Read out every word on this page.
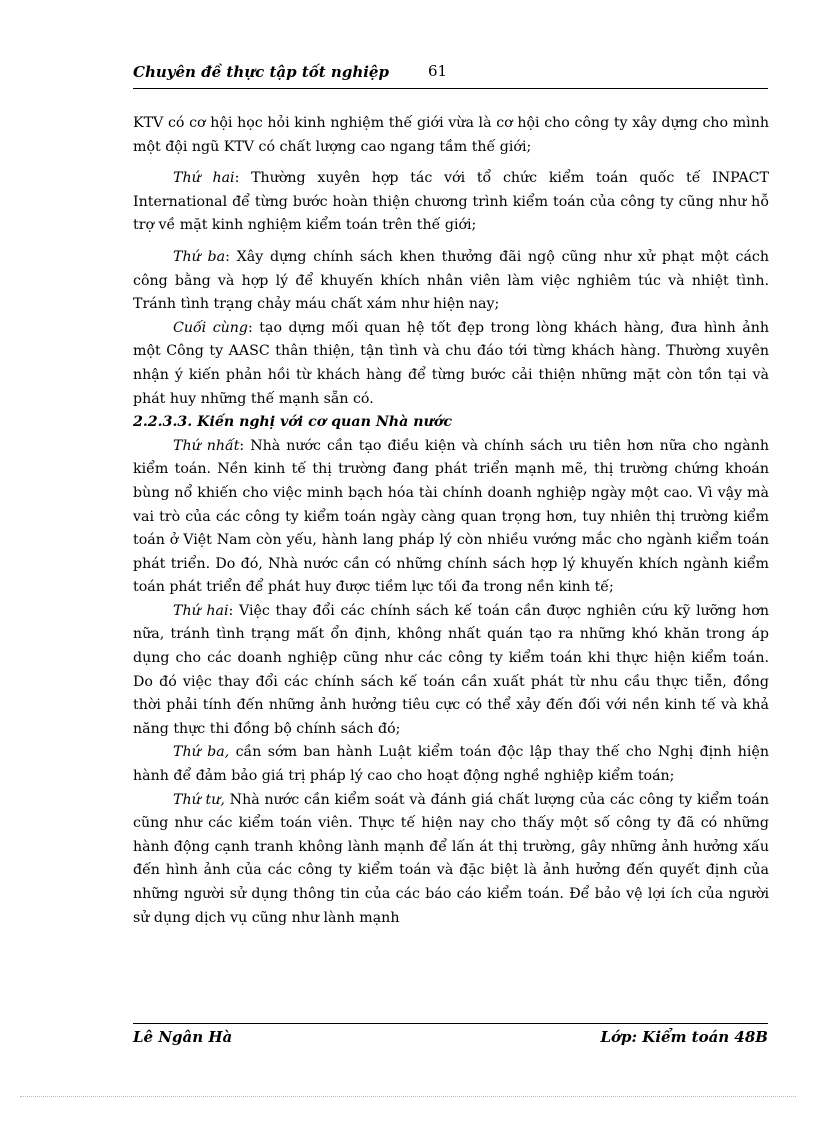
Chuyên đề thực tập tốt nghiệp	61

KTV có cơ hội học hỏi kinh nghiệm thế giới vừa là cơ hội cho công ty xây dựng cho mình một đội ngũ KTV có chất lượng cao ngang tầm thế giới;

Thứ hai: Thường xuyên hợp tác với tổ chức kiểm toán quốc tế INPACT International để từng bước hoàn thiện chương trình kiểm toán của công ty cũng như hỗ trợ về mặt kinh nghiệm kiểm toán trên thế giới;

Thứ ba: Xây dựng chính sách khen thưởng đãi ngộ cũng như xử phạt một cách công bằng và hợp lý để khuyến khích nhân viên làm việc nghiêm túc và nhiệt tình. Tránh tình trạng chảy máu chất xám như hiện nay;

Cuối cùng: tạo dựng mối quan hệ tốt đẹp trong lòng khách hàng, đưa hình ảnh một Công ty AASC thân thiện, tận tình và chu đáo tới từng khách hàng. Thường xuyên nhận ý kiến phản hồi từ khách hàng để từng bước cải thiện những mặt còn tồn tại và phát huy những thế mạnh sẵn có.

2.2.3.3. Kiến nghị với cơ quan Nhà nước

Thứ nhất: Nhà nước cần tạo điều kiện và chính sách ưu tiên hơn nữa cho ngành kiểm toán. Nền kinh tế thị trường đang phát triển mạnh mẽ, thị trường chứng khoán bùng nổ khiến cho việc minh bạch hóa tài chính doanh nghiệp ngày một cao. Vì vậy mà vai trò của các công ty kiểm toán ngày càng quan trọng hơn, tuy nhiên thị trường kiểm toán ở Việt Nam còn yếu, hành lang pháp lý còn nhiều vướng mắc cho ngành kiểm toán phát triển. Do đó, Nhà nước cần có những chính sách hợp lý khuyến khích ngành kiểm toán phát triển để phát huy được tiềm lực tối đa trong nền kinh tế;

Thứ hai: Việc thay đổi các chính sách kế toán cần được nghiên cứu kỹ lưỡng hơn nữa, tránh tình trạng mất ổn định, không nhất quán tạo ra những khó khăn trong áp dụng cho các doanh nghiệp cũng như các công ty kiểm toán khi thực hiện kiểm toán. Do đó việc thay đổi các chính sách kế toán cần xuất phát từ nhu cầu thực tiễn, đồng thời phải tính đến những ảnh hưởng tiêu cực có thể xảy đến đối với nền kinh tế và khả năng thực thi đồng bộ chính sách đó;

Thứ ba, cần sớm ban hành Luật kiểm toán độc lập thay thế cho Nghị định hiện hành để đảm bảo giá trị pháp lý cao cho hoạt động nghề nghiệp kiểm toán;

Thứ tư, Nhà nước cần kiểm soát và đánh giá chất lượng của các công ty kiểm toán cũng như các kiểm toán viên. Thực tế hiện nay cho thấy một số công ty đã có những hành động cạnh tranh không lành mạnh để lấn át thị trường, gây những ảnh hưởng xấu đến hình ảnh của các công ty kiểm toán và đặc biệt là ảnh hưởng đến quyết định của những người sử dụng thông tin của các báo cáo kiểm toán. Để bảo vệ lợi ích của người sử dụng dịch vụ cũng như lành mạnh

Lê Ngân Hà	Lớp: Kiểm toán 48B
